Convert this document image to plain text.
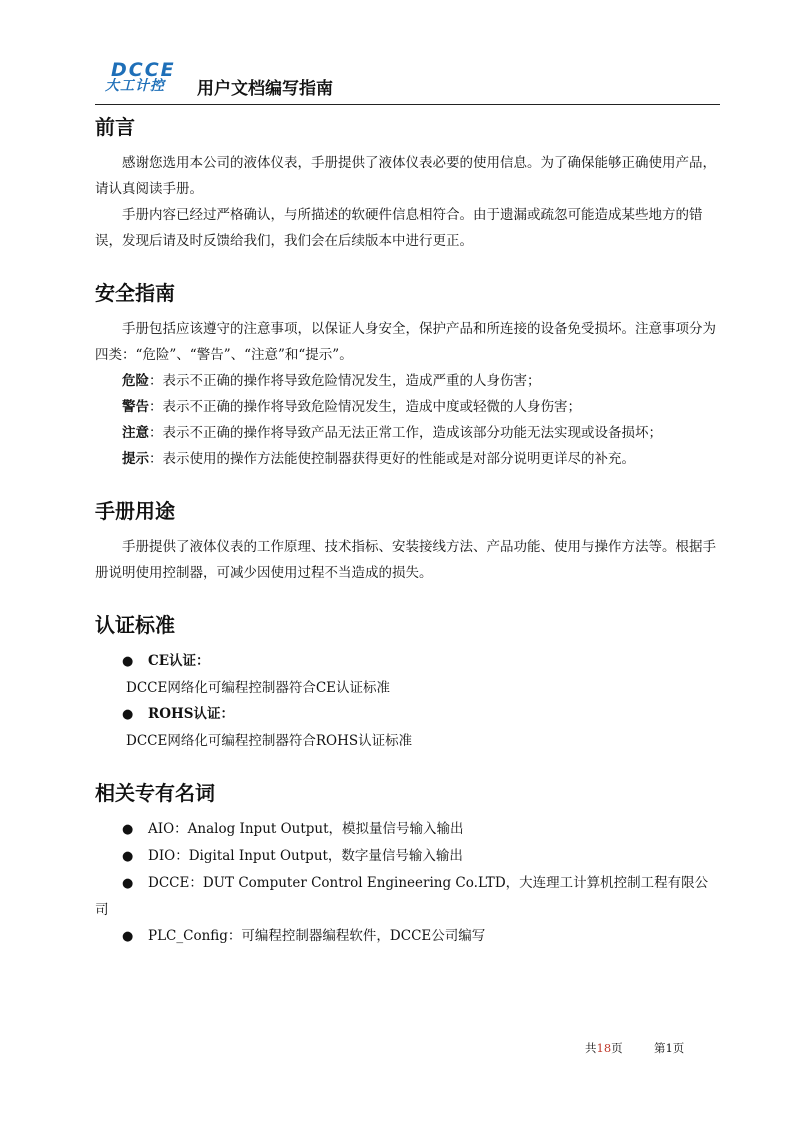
DCCE
大工计控 用户文档编写指南
前言

感谢您选用本公司的液体仪表，手册提供了液体仪表必要的使用信息。为了确保能够正确使用产品，请认真阅读手册。

手册内容已经过严格确认，与所描述的软硬件信息相符合。由于遗漏或疏忽可能造成某些地方的错误，发现后请及时反馈给我们，我们会在后续版本中进行更正。

安全指南

手册包括应该遵守的注意事项，以保证人身安全，保护产品和所连接的设备免受损坏。注意事项分为四类：“危险”、“警告”、“注意”和“提示”。

危险：表示不正确的操作将导致危险情况发生，造成严重的人身伤害；

警告：表示不正确的操作将导致危险情况发生，造成中度或轻微的人身伤害；

注意：表示不正确的操作将导致产品无法正常工作，造成该部分功能无法实现或设备损坏；

提示：表示使用的操作方法能使控制器获得更好的性能或是对部分说明更详尽的补充。

手册用途

手册提供了液体仪表的工作原理、技术指标、安装接线方法、产品功能、使用与操作方法等。根据手册说明使用控制器，可减少因使用过程不当造成的损失。

认证标准

● CE认证：

DCCE网络化可编程控制器符合CE认证标准

● ROHS认证：

DCCE网络化可编程控制器符合ROHS认证标准

相关专有名词

● AIO：Analog Input Output，模拟量信号输入输出

● DIO：Digital Input Output，数字量信号输入输出

● DCCE：DUT Computer Control Engineering Co.LTD，大连理工计算机控制工程有限公司

● PLC_Config：可编程控制器编程软件，DCCE公司编写

共18页	第1页
